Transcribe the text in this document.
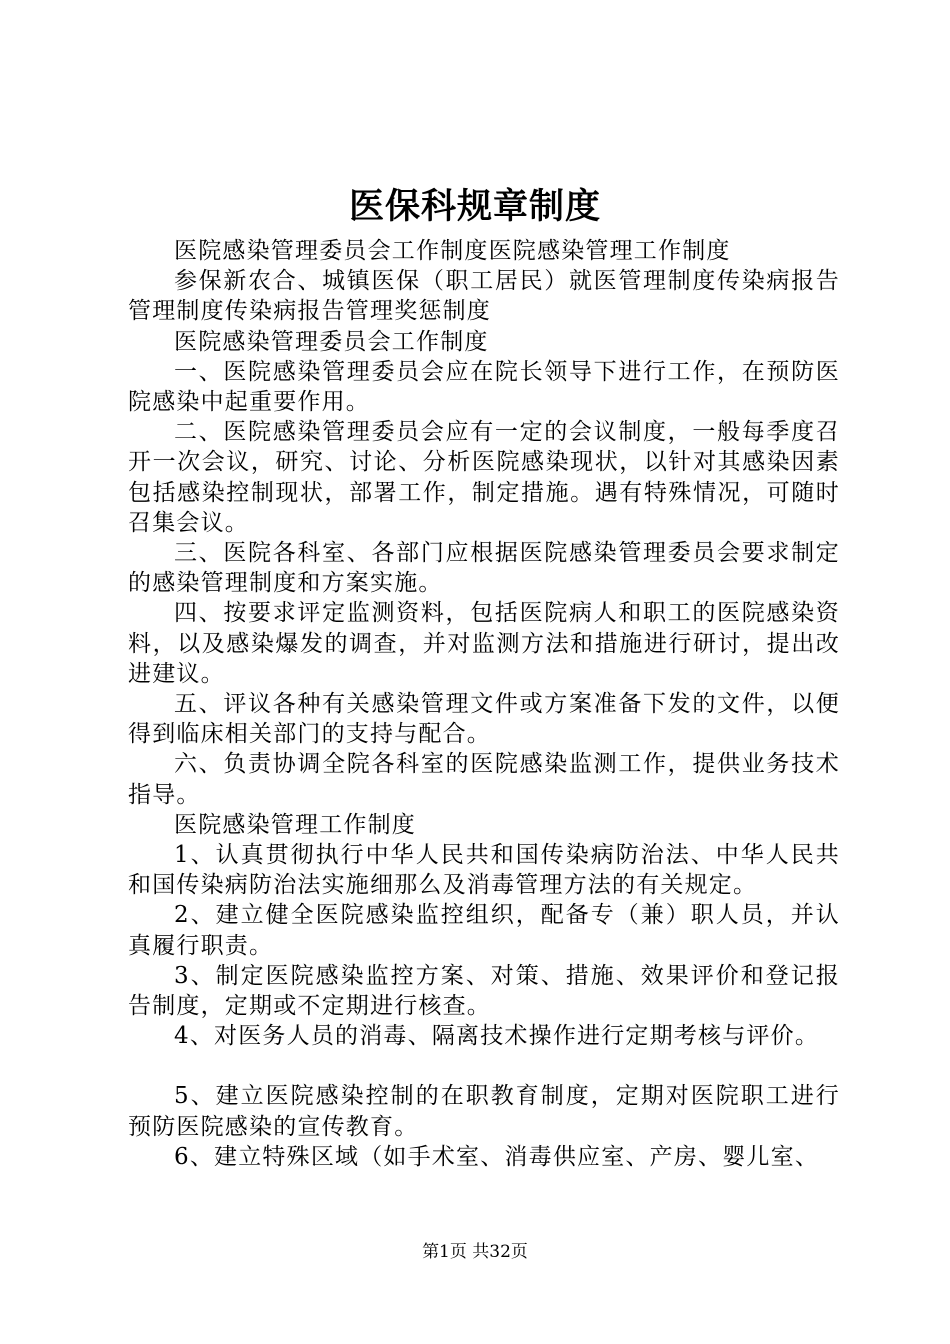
医保科规章制度

医院感染管理委员会工作制度医院感染管理工作制度

参保新农合、城镇医保（职工居民）就医管理制度传染病报告管理制度传染病报告管理奖惩制度

医院感染管理委员会工作制度

一、医院感染管理委员会应在院长领导下进行工作，在预防医院感染中起重要作用。

二、医院感染管理委员会应有一定的会议制度，一般每季度召开一次会议，研究、讨论、分析医院感染现状，以针对其感染因素包括感染控制现状，部署工作，制定措施。遇有特殊情况，可随时召集会议。

三、医院各科室、各部门应根据医院感染管理委员会要求制定的感染管理制度和方案实施。

四、按要求评定监测资料，包括医院病人和职工的医院感染资料，以及感染爆发的调查，并对监测方法和措施进行研讨，提出改进建议。

五、评议各种有关感染管理文件或方案准备下发的文件，以便得到临床相关部门的支持与配合。

六、负责协调全院各科室的医院感染监测工作，提供业务技术指导。

医院感染管理工作制度

1、认真贯彻执行中华人民共和国传染病防治法、中华人民共和国传染病防治法实施细那么及消毒管理方法的有关规定。

2、建立健全医院感染监控组织，配备专（兼）职人员，并认真履行职责。

3、制定医院感染监控方案、对策、措施、效果评价和登记报告制度，定期或不定期进行核查。

4、对医务人员的消毒、隔离技术操作进行定期考核与评价。

5、建立医院感染控制的在职教育制度，定期对医院职工进行预防医院感染的宣传教育。

6、建立特殊区域（如手术室、消毒供应室、产房、婴儿室、

第1页 共32页
